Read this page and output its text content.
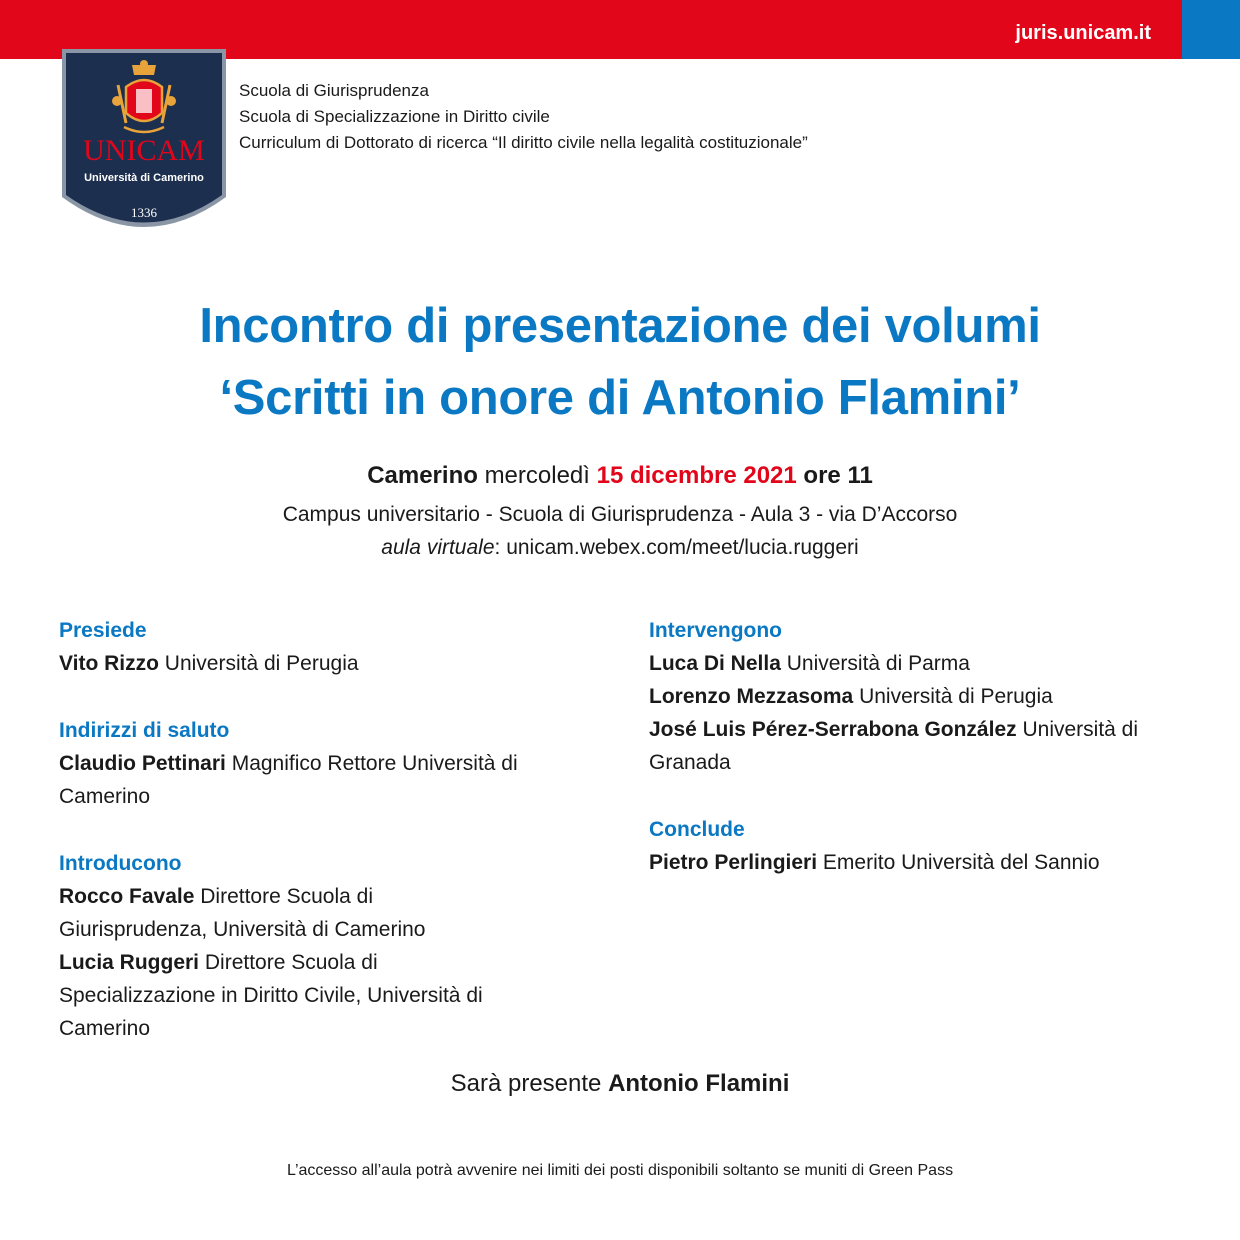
juris.unicam.it
UNICAM
Università di Camerino
1336
Scuola di Giurisprudenza
Scuola di Specializzazione in Diritto civile
Curriculum di Dottorato di ricerca “Il diritto civile nella legalità costituzionale”
Incontro di presentazione dei volumi
‘Scritti in onore di Antonio Flamini’
Camerino mercoledì 15 dicembre 2021 ore 11
Campus universitario - Scuola di Giurisprudenza - Aula 3 - via D’Accorso
aula virtuale: unicam.webex.com/meet/lucia.ruggeri
Presiede
Vito Rizzo Università di Perugia
Indirizzi di saluto
Claudio Pettinari Magnifico Rettore Università di Camerino
Introducono
Rocco Favale Direttore Scuola di Giurisprudenza, Università di Camerino
Lucia Ruggeri Direttore Scuola di Specializzazione in Diritto Civile, Università di Camerino
Intervengono
Luca Di Nella Università di Parma
Lorenzo Mezzasoma Università di Perugia
José Luis Pérez-Serrabona González Università di Granada
Conclude
Pietro Perlingieri Emerito Università del Sannio
Sarà presente Antonio Flamini
L’accesso all’aula potrà avvenire nei limiti dei posti disponibili soltanto se muniti di Green Pass
